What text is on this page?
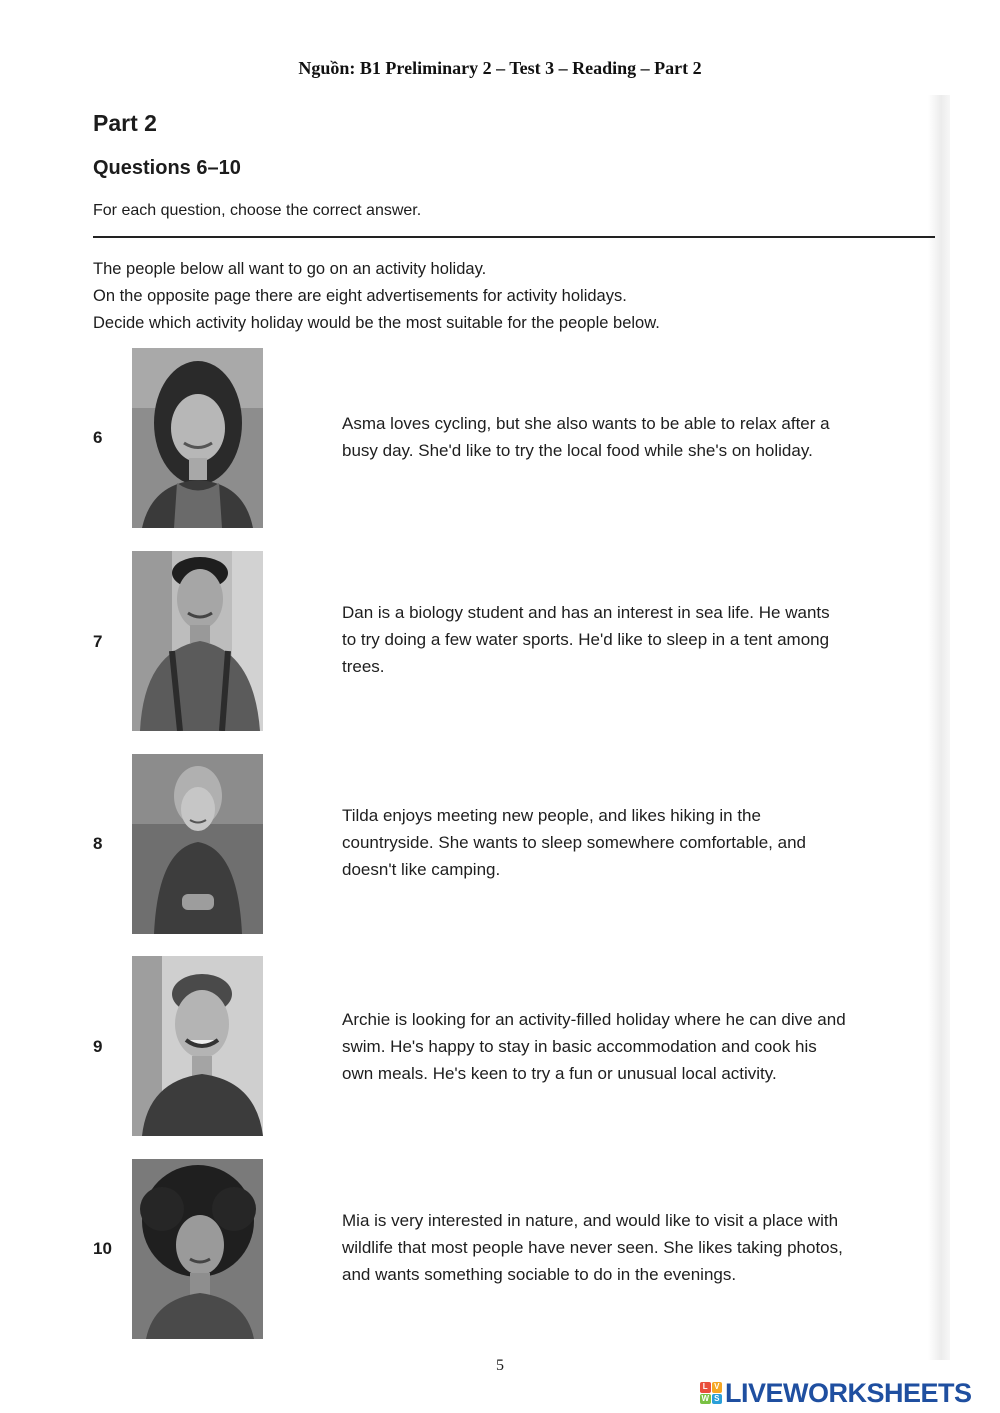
Nguồn: B1 Preliminary 2 – Test 3 – Reading – Part 2
Part 2
Questions 6–10
For each question, choose the correct answer.
The people below all want to go on an activity holiday.
On the opposite page there are eight advertisements for activity holidays.
Decide which activity holiday would be the most suitable for the people below.
6
Asma loves cycling, but she also wants to be able to relax after a
busy day. She'd like to try the local food while she's on holiday.
7
Dan is a biology student and has an interest in sea life. He wants
to try doing a few water sports. He'd like to sleep in a tent among
trees.
8
Tilda enjoys meeting new people, and likes hiking in the
countryside. She wants to sleep somewhere comfortable, and
doesn't like camping.
9
Archie is looking for an activity-filled holiday where he can dive and
swim. He's happy to stay in basic accommodation and cook his
own meals. He's keen to try a fun or unusual local activity.
10
Mia is very interested in nature, and would like to visit a place with
wildlife that most people have never seen. She likes taking photos,
and wants something sociable to do in the evenings.
5
L V
W S LIVEWORKSHEETS
